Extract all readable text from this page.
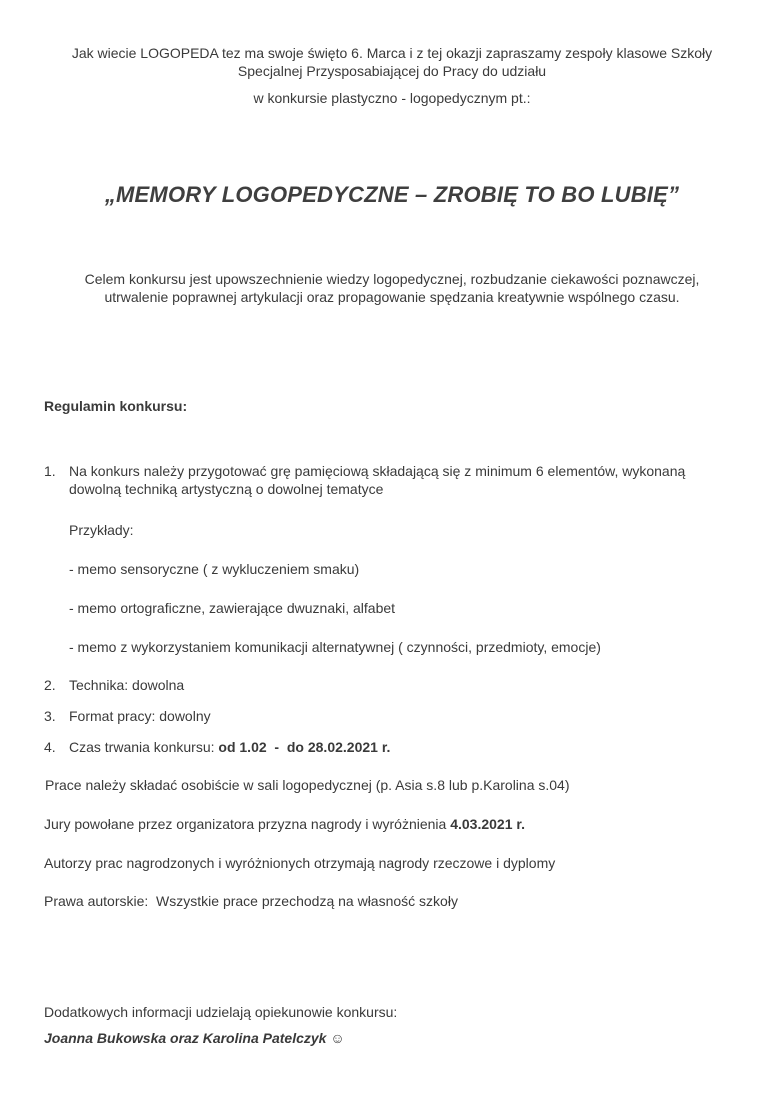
Jak wiecie LOGOPEDA tez ma swoje święto 6. Marca i z tej okazji zapraszamy zespoły klasowe Szkoły
Specjalnej Przysposabiającej do Pracy do udziału
w konkursie plastyczno - logopedycznym pt.:
„MEMORY LOGOPEDYCZNE – ZROBIĘ TO BO LUBIĘ”
Celem konkursu jest upowszechnienie wiedzy logopedycznej, rozbudzanie ciekawości poznawczej,
utrwalenie poprawnej artykulacji oraz propagowanie spędzania kreatywnie wspólnego czasu.
Regulamin konkursu:
1. Na konkurs należy przygotować grę pamięciową składającą się z minimum 6 elementów, wykonaną
dowolną techniką artystyczną o dowolnej tematyce
Przykłady:
- memo sensoryczne ( z wykluczeniem smaku)
- memo ortograficzne, zawierające dwuznaki, alfabet
- memo z wykorzystaniem komunikacji alternatywnej ( czynności, przedmioty, emocje)
2. Technika: dowolna
3. Format pracy: dowolny
4. Czas trwania konkursu: od 1.02  -  do 28.02.2021 r.
Prace należy składać osobiście w sali logopedycznej (p. Asia s.8 lub p.Karolina s.04)
Jury powołane przez organizatora przyzna nagrody i wyróżnienia 4.03.2021 r.
Autorzy prac nagrodzonych i wyróżnionych otrzymają nagrody rzeczowe i dyplomy
Prawa autorskie:  Wszystkie prace przechodzą na własność szkoły
Dodatkowych informacji udzielają opiekunowie konkursu:
Joanna Bukowska oraz Karolina Patelczyk ☺
